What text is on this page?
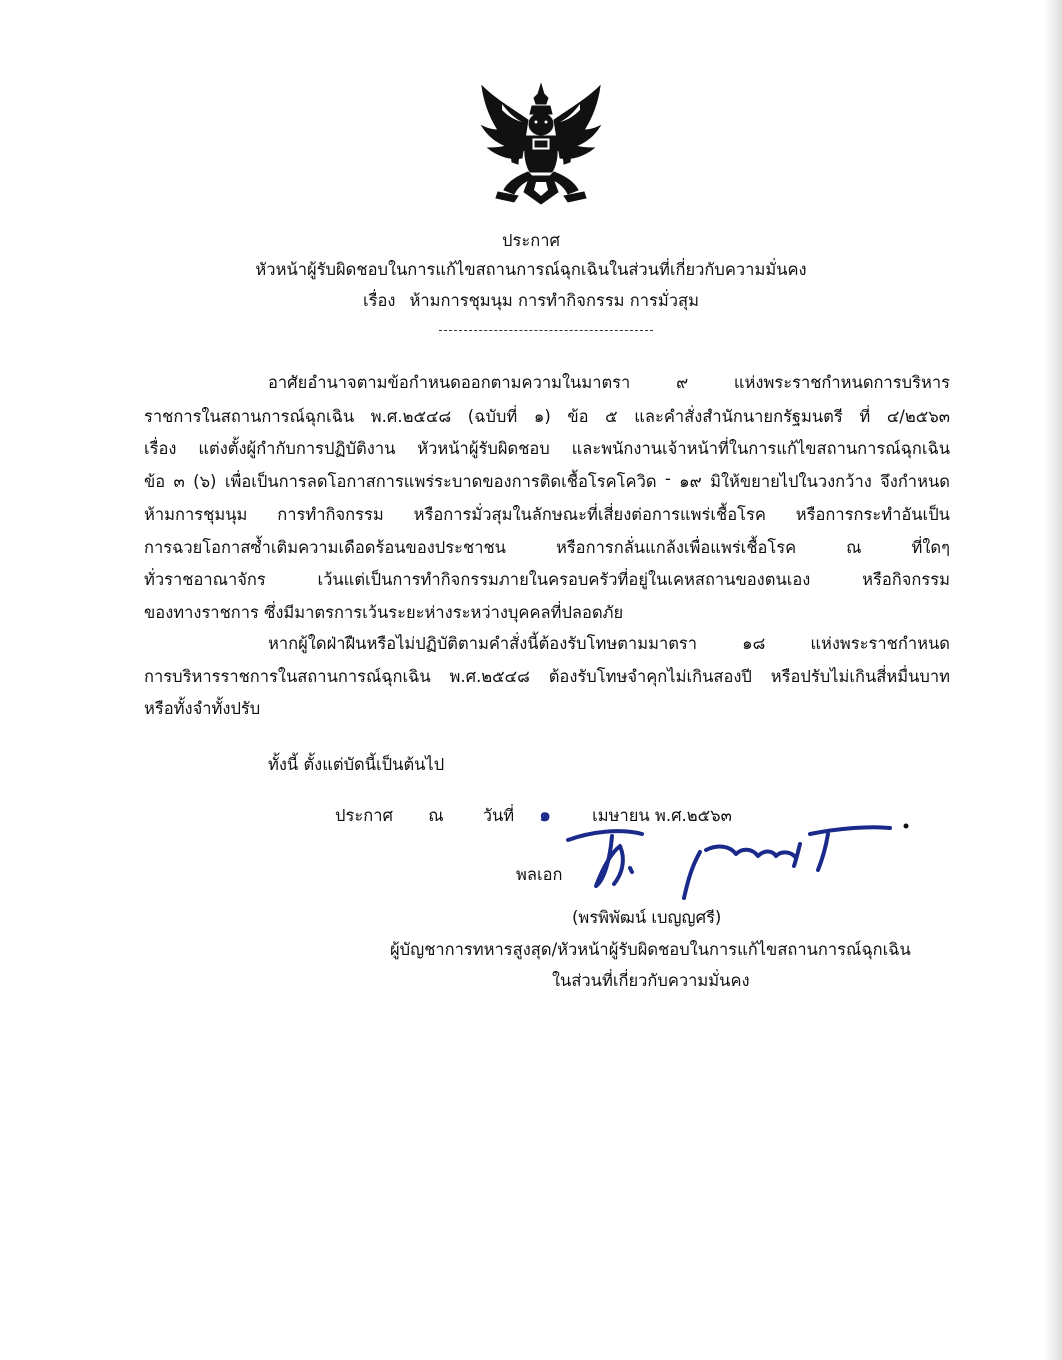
ประกาศ
หัวหน้าผู้รับผิดชอบในการแก้ไขสถานการณ์ฉุกเฉินในส่วนที่เกี่ยวกับความมั่นคง
เรื่อง ห้ามการชุมนุม การทำกิจกรรม การมั่วสุม
อาศัยอำนาจตามข้อกำหนดออกตามความในมาตรา	๙	แห่งพระราชกำหนดการบริหาร
ราชการในสถานการณ์ฉุกเฉิน พ.ศ.๒๕๔๘ (ฉบับที่ ๑) ข้อ ๕ และคำสั่งสำนักนายกรัฐมนตรี ที่ ๔/๒๕๖๓
เรื่อง แต่งตั้งผู้กำกับการปฏิบัติงาน หัวหน้าผู้รับผิดชอบ และพนักงานเจ้าหน้าที่ในการแก้ไขสถานการณ์ฉุกเฉิน
ข้อ ๓ (๖) เพื่อเป็นการลดโอกาสการแพร่ระบาดของการติดเชื้อโรคโควิด - ๑๙ มิให้ขยายไปในวงกว้าง จึงกำหนด
ห้ามการชุมนุม การทำกิจกรรม หรือการมั่วสุมในลักษณะที่เสี่ยงต่อการแพร่เชื้อโรค หรือการกระทำอันเป็น
การฉวยโอกาสซ้ำเติมความเดือดร้อนของประชาชน	หรือการกลั่นแกล้งเพื่อแพร่เชื้อโรค	ณ	ที่ใดๆ
ทั่วราชอาณาจักร	เว้นแต่เป็นการทำกิจกรรมภายในครอบครัวที่อยู่ในเคหสถานของตนเอง	หรือกิจกรรม
ของทางราชการ ซึ่งมีมาตรการเว้นระยะห่างระหว่างบุคคลที่ปลอดภัย
หากผู้ใดฝ่าฝืนหรือไม่ปฏิบัติตามคำสั่งนี้ต้องรับโทษตามมาตรา	๑๘	แห่งพระราชกำหนด
การบริหารราชการในสถานการณ์ฉุกเฉิน พ.ศ.๒๕๔๘ ต้องรับโทษจำคุกไม่เกินสองปี หรือปรับไม่เกินสี่หมื่นบาท
หรือทั้งจำทั้งปรับ
ทั้งนี้ ตั้งแต่บัดนี้เป็นต้นไป
ประกาศ ณ วันที่ ๑	เมษายน พ.ศ.๒๕๖๓
พลเอก
(พรพิพัฒน์ เบญญศรี)
ผู้บัญชาการทหารสูงสุด/หัวหน้าผู้รับผิดชอบในการแก้ไขสถานการณ์ฉุกเฉิน
ในส่วนที่เกี่ยวกับความมั่นคง
